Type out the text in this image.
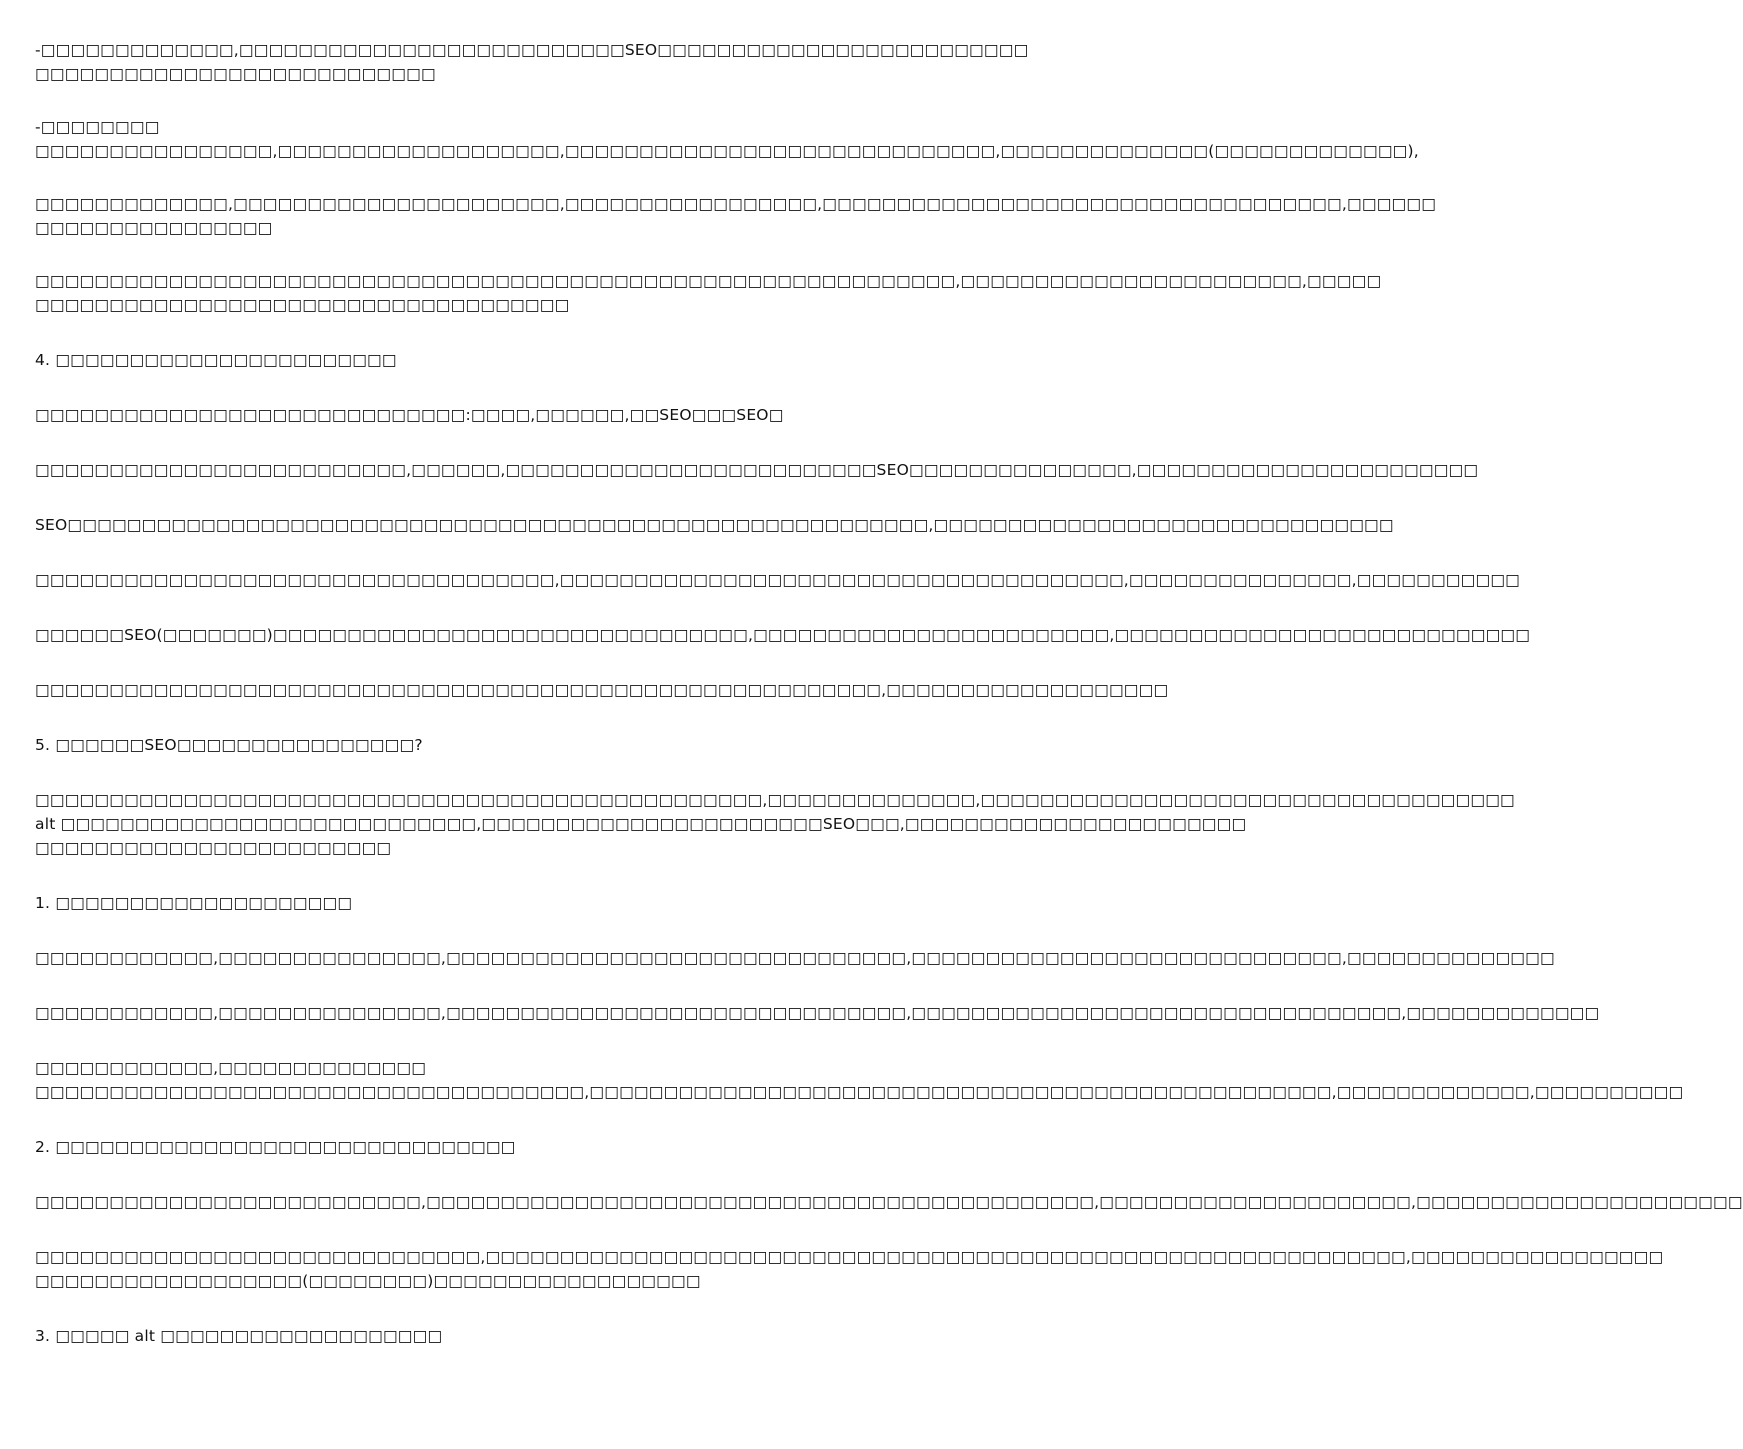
-□□□□□□□□□□□□□,□□□□□□□□□□□□□□□□□□□□□□□□□□SEO□□□□□□□□□□□□□□□□□□□□□□□□□
□□□□□□□□□□□□□□□□□□□□□□□□□□□
-□□□□□□□□
□□□□□□□□□□□□□□□□,□□□□□□□□□□□□□□□□□□□,□□□□□□□□□□□□□□□□□□□□□□□□□□□□□,□□□□□□□□□□□□□□(□□□□□□□□□□□□□),
□□□□□□□□□□□□□,□□□□□□□□□□□□□□□□□□□□□□,□□□□□□□□□□□□□□□□□,□□□□□□□□□□□□□□□□□□□□□□□□□□□□□□□□□□□,□□□□□□
□□□□□□□□□□□□□□□□
□□□□□□□□□□□□□□□□□□□□□□□□□□□□□□□□□□□□□□□□□□□□□□□□□□□□□□□□□□□□□□,□□□□□□□□□□□□□□□□□□□□□□□,□□□□□
□□□□□□□□□□□□□□□□□□□□□□□□□□□□□□□□□□□□
4. □□□□□□□□□□□□□□□□□□□□□□□
□□□□□□□□□□□□□□□□□□□□□□□□□□□□□:□□□□,□□□□□□,□□SEO□□□SEO□
□□□□□□□□□□□□□□□□□□□□□□□□□,□□□□□□,□□□□□□□□□□□□□□□□□□□□□□□□□SEO□□□□□□□□□□□□□□□,□□□□□□□□□□□□□□□□□□□□□□□
SEO□□□□□□□□□□□□□□□□□□□□□□□□□□□□□□□□□□□□□□□□□□□□□□□□□□□□□□□□□□,□□□□□□□□□□□□□□□□□□□□□□□□□□□□□□□
□□□□□□□□□□□□□□□□□□□□□□□□□□□□□□□□□□□,□□□□□□□□□□□□□□□□□□□□□□□□□□□□□□□□□□□□□□,□□□□□□□□□□□□□□□,□□□□□□□□□□□
□□□□□□SEO(□□□□□□□)□□□□□□□□□□□□□□□□□□□□□□□□□□□□□□□□,□□□□□□□□□□□□□□□□□□□□□□□□,□□□□□□□□□□□□□□□□□□□□□□□□□□□□
□□□□□□□□□□□□□□□□□□□□□□□□□□□□□□□□□□□□□□□□□□□□□□□□□□□□□□□□□,□□□□□□□□□□□□□□□□□□□
5. □□□□□□SEO□□□□□□□□□□□□□□□□?
□□□□□□□□□□□□□□□□□□□□□□□□□□□□□□□□□□□□□□□□□□□□□□□□□,□□□□□□□□□□□□□□,□□□□□□□□□□□□□□□□□□□□□□□□□□□□□□□□□□□□
alt □□□□□□□□□□□□□□□□□□□□□□□□□□□□,□□□□□□□□□□□□□□□□□□□□□□□SEO□□□,□□□□□□□□□□□□□□□□□□□□□□□
□□□□□□□□□□□□□□□□□□□□□□□□
1. □□□□□□□□□□□□□□□□□□□□
□□□□□□□□□□□□,□□□□□□□□□□□□□□□,□□□□□□□□□□□□□□□□□□□□□□□□□□□□□□□,□□□□□□□□□□□□□□□□□□□□□□□□□□□□□,□□□□□□□□□□□□□□
□□□□□□□□□□□□,□□□□□□□□□□□□□□□,□□□□□□□□□□□□□□□□□□□□□□□□□□□□□□□,□□□□□□□□□□□□□□□□□□□□□□□□□□□□□□□□□,□□□□□□□□□□□□□
□□□□□□□□□□□□,□□□□□□□□□□□□□□
□□□□□□□□□□□□□□□□□□□□□□□□□□□□□□□□□□□□□,□□□□□□□□□□□□□□□□□□□□□□□□□□□□□□□□□□□□□□□□□□□□□□□□□□,□□□□□□□□□□□□□,□□□□□□□□□□
2. □□□□□□□□□□□□□□□□□□□□□□□□□□□□□□□
□□□□□□□□□□□□□□□□□□□□□□□□□□,□□□□□□□□□□□□□□□□□□□□□□□□□□□□□□□□□□□□□□□□□□□□□,□□□□□□□□□□□□□□□□□□□□□,□□□□□□□□□□□□□□□□□□□□□□
□□□□□□□□□□□□□□□□□□□□□□□□□□□□□□,□□□□□□□□□□□□□□□□□□□□□□□□□□□□□□□□□□□□□□□□□□□□□□□□□□□□□□□□□□□□□□,□□□□□□□□□□□□□□□□□
□□□□□□□□□□□□□□□□□□(□□□□□□□□)□□□□□□□□□□□□□□□□□□
3. □□□□□ alt □□□□□□□□□□□□□□□□□□□
